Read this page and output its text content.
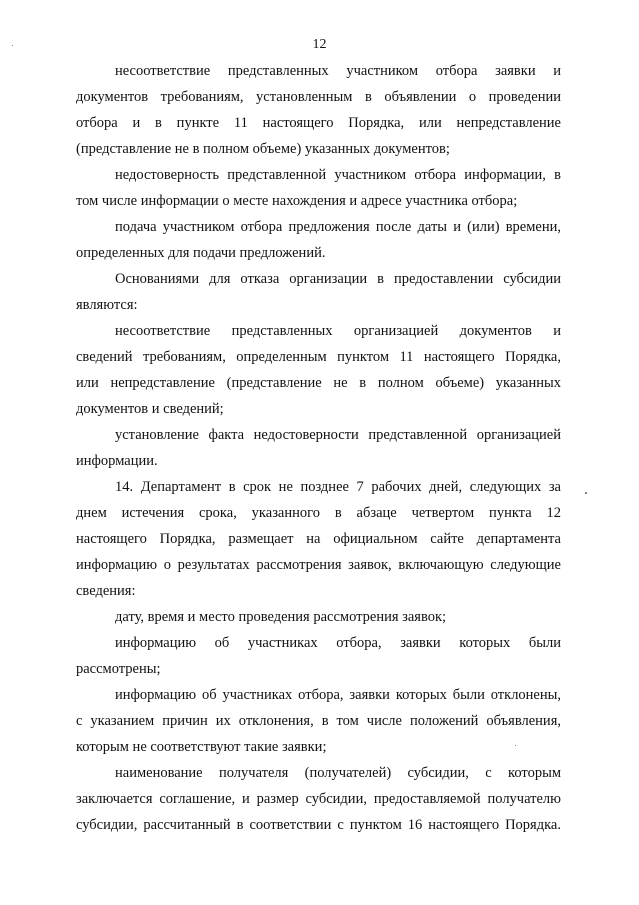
12
несоответствие представленных участником отбора заявки и
документов требованиям, установленным в объявлении о проведении
отбора и в пункте 11 настоящего Порядка, или непредставление
(представление не в полном объеме) указанных документов;
недостоверность представленной участником отбора информации, в
том числе информации о месте нахождения и адресе участника отбора;
подача участником отбора предложения после даты и (или) времени,
определенных для подачи предложений.
Основаниями для отказа организации в предоставлении субсидии
являются:
несоответствие представленных организацией документов и
сведений требованиям, определенным пунктом 11 настоящего Порядка,
или непредставление (представление не в полном объеме) указанных
документов и сведений;
установление факта недостоверности представленной организацией
информации.
14. Департамент в срок не позднее 7 рабочих дней, следующих за
днем истечения срока, указанного в абзаце четвертом пункта 12
настоящего Порядка, размещает на официальном сайте департамента
информацию о результатах рассмотрения заявок, включающую следующие
сведения:
дату, время и место проведения рассмотрения заявок;
информацию об участниках отбора, заявки которых были
рассмотрены;
информацию об участниках отбора, заявки которых были отклонены,
с указанием причин их отклонения, в том числе положений объявления,
которым не соответствуют такие заявки;
наименование получателя (получателей) субсидии, с которым
заключается соглашение, и размер субсидии, предоставляемой получателю
субсидии, рассчитанный в соответствии с пунктом 16 настоящего Порядка.
